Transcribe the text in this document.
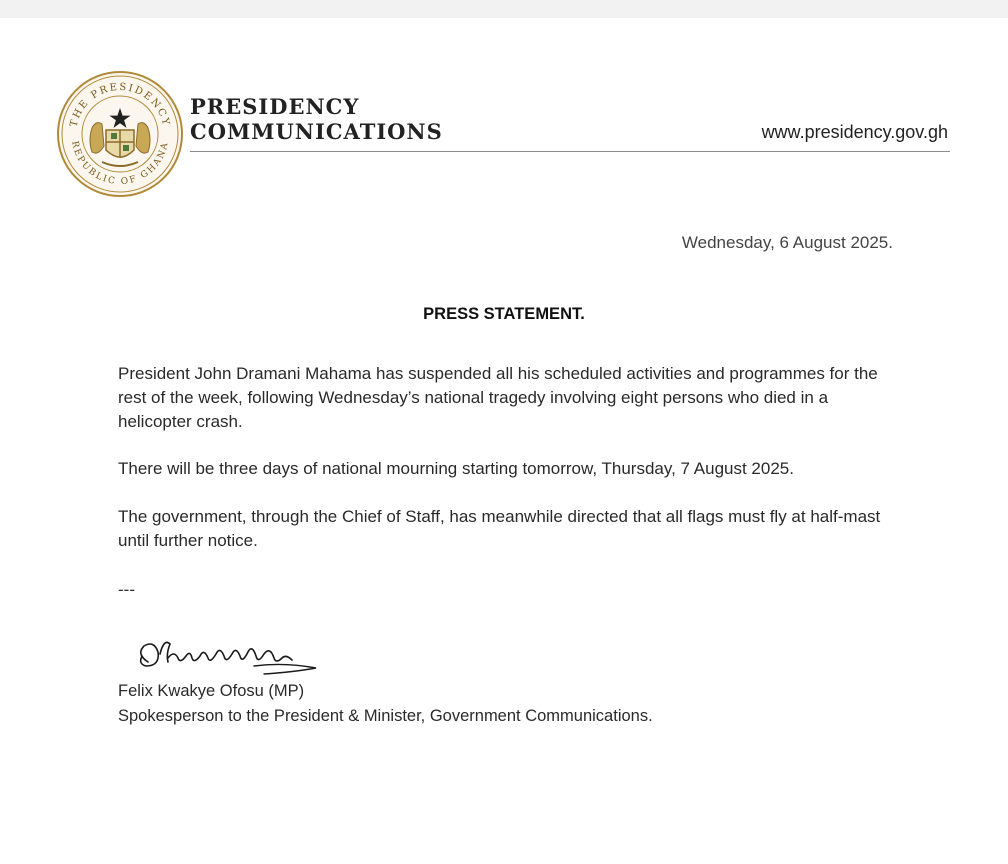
THE PRESIDENCY
REPUBLIC OF GHANA
PRESIDENCY
COMMUNICATIONS	www.presidency.gov.gh
Wednesday, 6 August 2025.
PRESS STATEMENT.
President John Dramani Mahama has suspended all his scheduled activities and programmes for the rest of the week, following Wednesday’s national tragedy involving eight persons who died in a helicopter crash.
There will be three days of national mourning starting tomorrow, Thursday, 7 August 2025.
The government, through the Chief of Staff, has meanwhile directed that all flags must fly at half-mast until further notice.
---
Felix Kwakye Ofosu (MP)
Spokesperson to the President & Minister, Government Communications.
